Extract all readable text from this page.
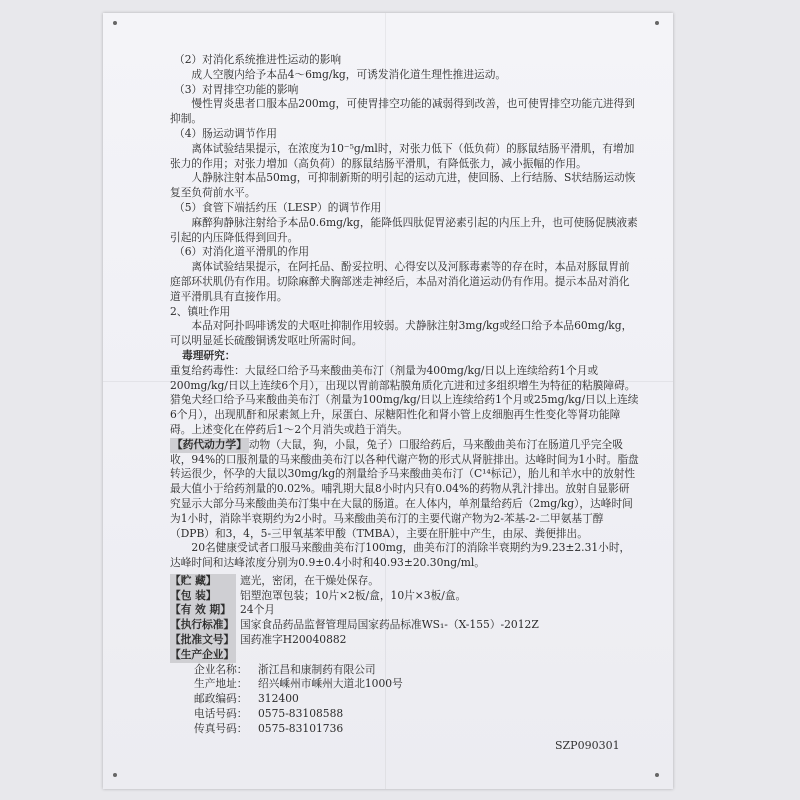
（2）对消化系统推进性运动的影响

成人空腹内给予本品4～6mg/kg，可诱发消化道生理性推进运动。

（3）对胃排空功能的影响

慢性胃炎患者口服本品200mg，可使胃排空功能的减弱得到改善，也可使胃排空功能亢进得到抑制。

（4）肠运动调节作用

离体试验结果提示，在浓度为10⁻⁵g/ml时，对张力低下（低负荷）的豚鼠结肠平滑肌，有增加张力的作用；对张力增加（高负荷）的豚鼠结肠平滑肌，有降低张力，减小振幅的作用。

人静脉注射本品50mg，可抑制新斯的明引起的运动亢进，使回肠、上行结肠、S状结肠运动恢复至负荷前水平。

（5）食管下端括约压（LESP）的调节作用

麻醉狗静脉注射给予本品0.6mg/kg，能降低四肽促胃泌素引起的内压上升，也可使肠促胰液素引起的内压降低得到回升。

（6）对消化道平滑肌的作用

离体试验结果提示，在阿托品、酚妥拉明、心得安以及河豚毒素等的存在时，本品对豚鼠胃前庭部环状肌仍有作用。切除麻醉犬胸部迷走神经后，本品对消化道运动仍有作用。提示本品对消化道平滑肌具有直接作用。

2、镇吐作用

本品对阿扑吗啡诱发的犬呕吐抑制作用较弱。犬静脉注射3mg/kg或经口给予本品60mg/kg，可以明显延长硫酸铜诱发呕吐所需时间。

毒理研究：

重复给药毒性：大鼠经口给予马来酸曲美布汀（剂量为400mg/kg/日以上连续给药1个月或200mg/kg/日以上连续6个月），出现以胃前部粘膜角质化亢进和过多组织增生为特征的粘膜障碍。猎兔犬经口给予马来酸曲美布汀（剂量为100mg/kg/日以上连续给药1个月或25mg/kg/日以上连续6个月），出现肌酐和尿素氮上升，尿蛋白、尿糖阳性化和肾小管上皮细胞再生性变化等肾功能障碍。上述变化在停药后1～2个月消失或趋于消失。

【药代动力学】 动物（大鼠，狗，小鼠，兔子）口服给药后，马来酸曲美布汀在肠道几乎完全吸收，94%的口服剂量的马来酸曲美布汀以各种代谢产物的形式从肾脏排出。达峰时间为1小时。脂盘转运很少，怀孕的大鼠以30mg/kg的剂量给予马来酸曲美布汀（C¹⁴标记），胎儿和羊水中的放射性最大值小于给药剂量的0.02%。哺乳期大鼠8小时内只有0.04%的药物从乳汁排出。放射自显影研究显示大部分马来酸曲美布汀集中在大鼠的肠道。在人体内，单剂量给药后（2mg/kg），达峰时间为1小时，消除半衰期约为2小时。马来酸曲美布汀的主要代谢产物为2-苯基-2-二甲氨基丁醇（DPB）和3，4，5-三甲氧基苯甲酸（TMBA），主要在肝脏中产生，由尿、粪便排出。

20名健康受试者口服马来酸曲美布汀100mg，曲美布汀的消除半衰期约为9.23±2.31小时，达峰时间和达峰浓度分别为0.9±0.4小时和40.93±20.30ng/ml。

【贮 藏】	遮光，密闭，在干燥处保存。
【包 装】	铝塑泡罩包装；10片×2板/盒，10片×3板/盒。
【有 效 期】 24个月
【执行标准】 国家食品药品监督管理局国家药品标准WS₁-（X-155）-2012Z
【批准文号】 国药准字H20040882
【生产企业】
企业名称： 浙江昌和康制药有限公司
生产地址： 绍兴嵊州市嵊州大道北1000号
邮政编码： 312400
电话号码： 0575-83108588
传真号码： 0575-83101736
SZP090301
